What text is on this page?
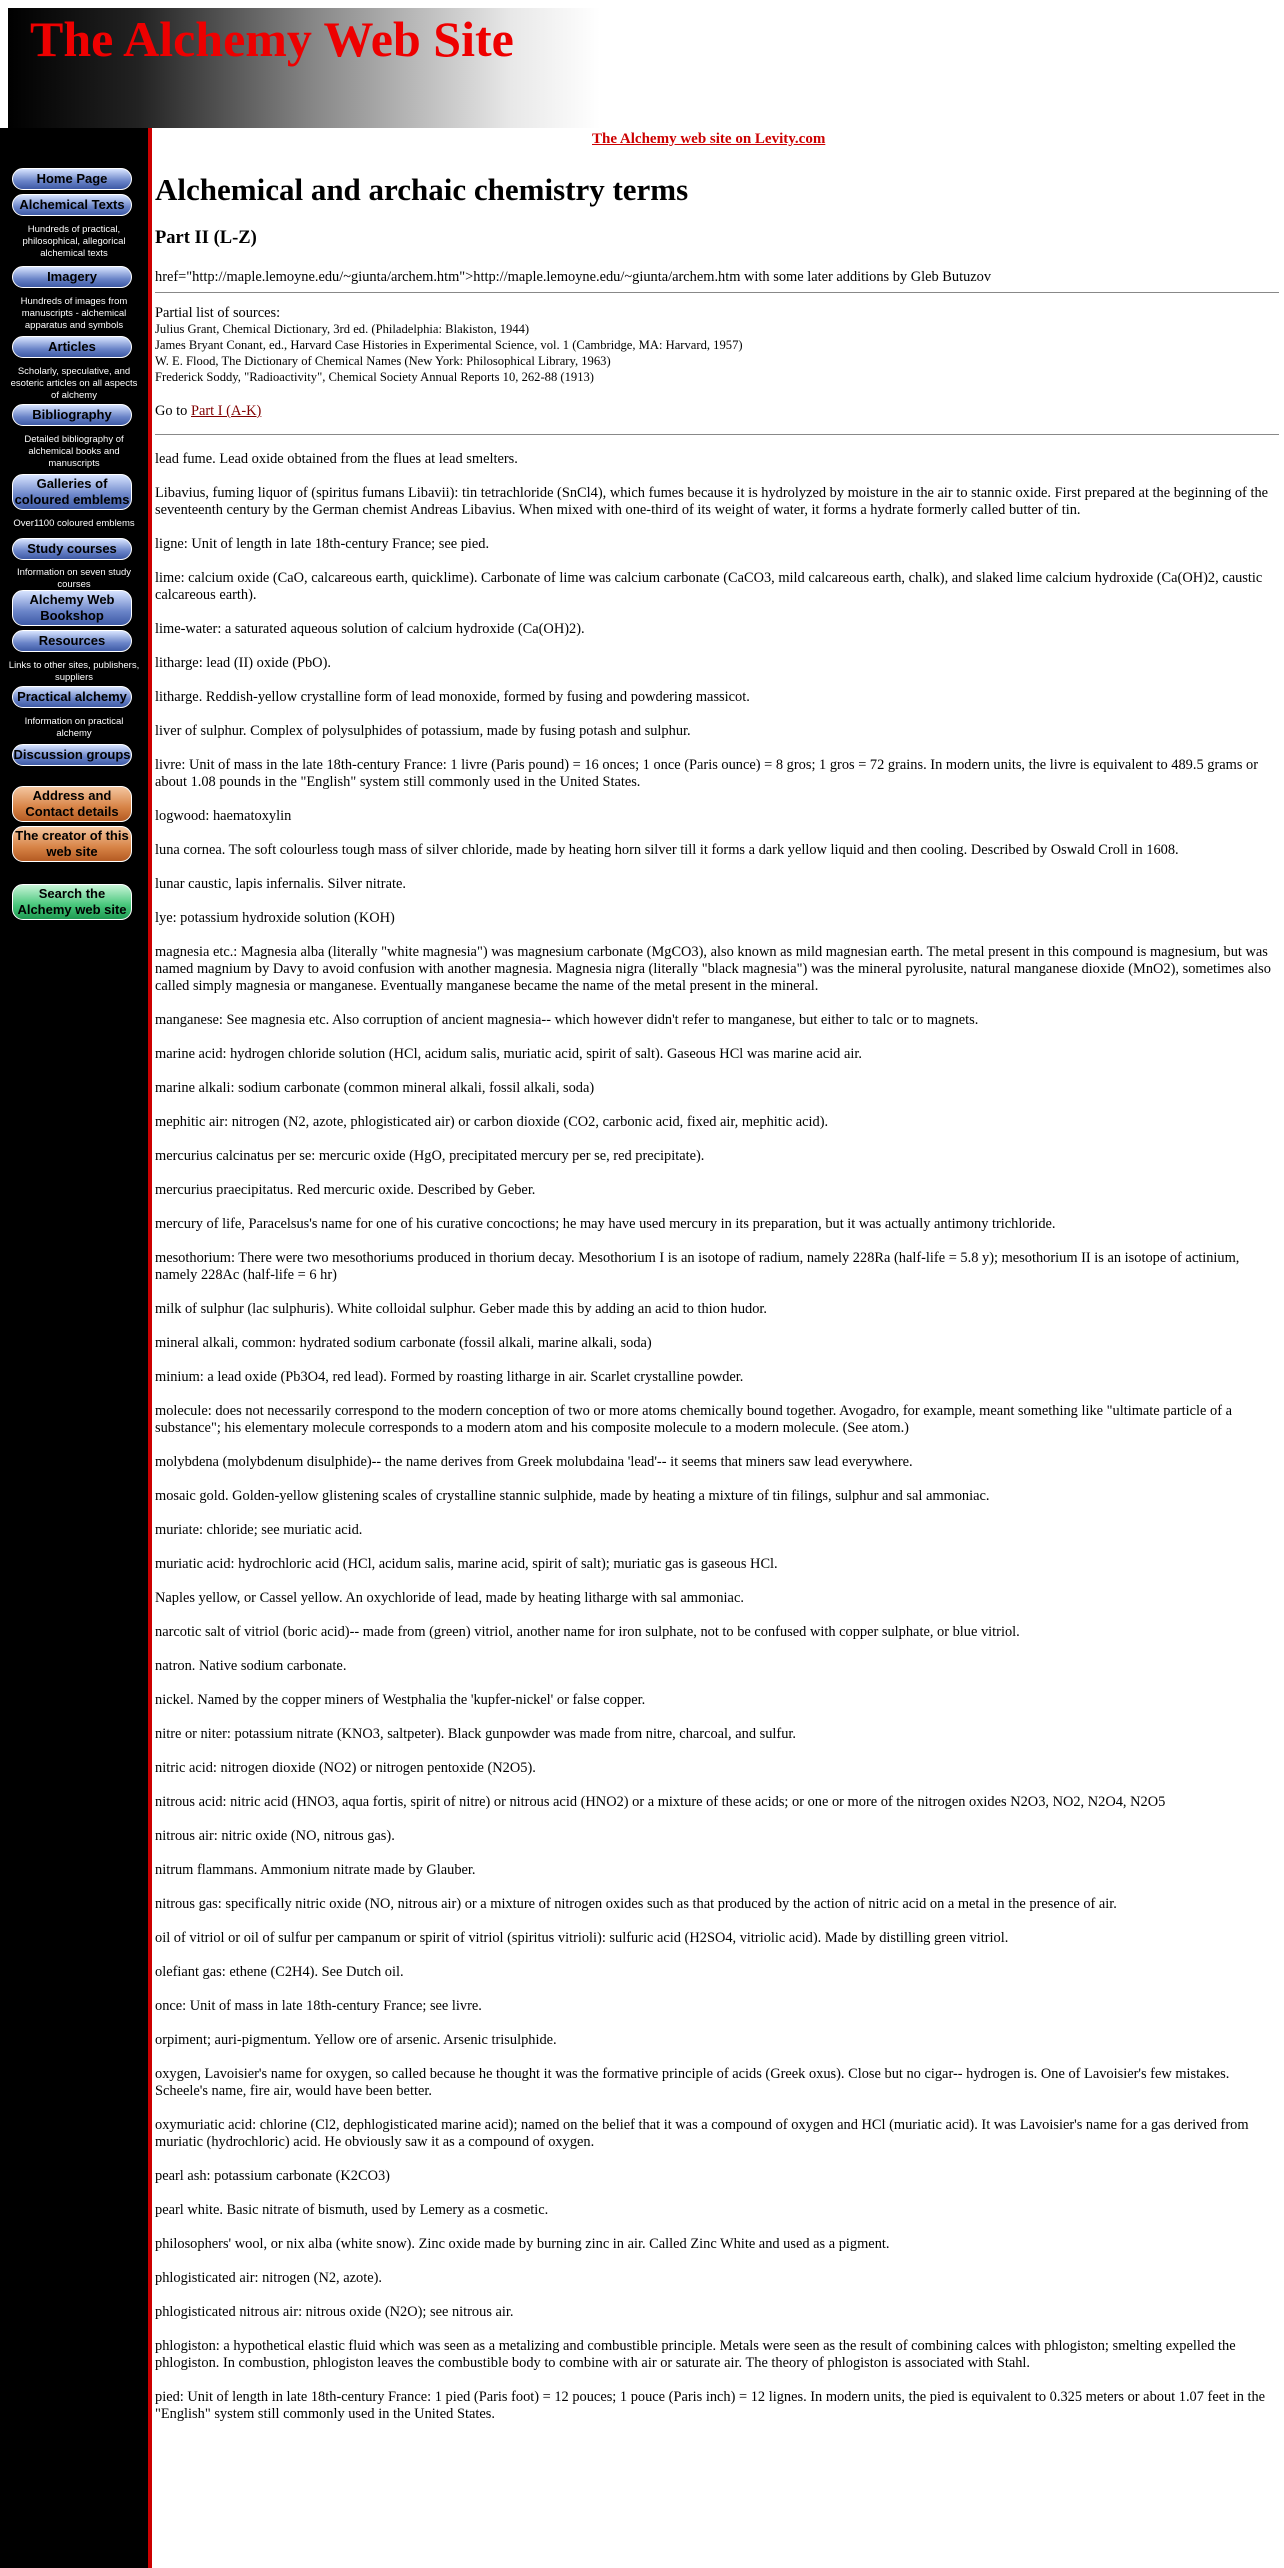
The Alchemy Web Site
Home Page
Alchemical Texts
Hundreds of practical, philosophical, allegorical alchemical texts
Imagery
Hundreds of images from manuscripts - alchemical apparatus and symbols
Articles
Scholarly, speculative, and esoteric articles on all aspects of alchemy
Bibliography
Detailed bibliography of alchemical books and manuscripts
Galleries of coloured emblems
Over1100 coloured emblems
Study courses
Information on seven study courses
Alchemy Web Bookshop
Resources
Links to other sites, publishers, suppliers
Practical alchemy
Information on practical alchemy
Discussion groups
Address and Contact details
The creator of this web site
Search the Alchemy web site
The Alchemy web site on Levity.com
Alchemical and archaic chemistry terms
Part II (L-Z)

href="http://maple.lemoyne.edu/~giunta/archem.htm">http://maple.lemoyne.edu/~giunta/archem.htm with some later additions by Gleb Butuzov

Partial list of sources:
Julius Grant, Chemical Dictionary, 3rd ed. (Philadelphia: Blakiston, 1944)
James Bryant Conant, ed., Harvard Case Histories in Experimental Science, vol. 1 (Cambridge, MA: Harvard, 1957)
W. E. Flood, The Dictionary of Chemical Names (New York: Philosophical Library, 1963)
Frederick Soddy, "Radioactivity", Chemical Society Annual Reports 10, 262-88 (1913)

Go to Part I (A-K)

lead fume. Lead oxide obtained from the flues at lead smelters.

Libavius, fuming liquor of (spiritus fumans Libavii): tin tetrachloride (SnCl4), which fumes because it is hydrolyzed by moisture in the air to stannic oxide. First prepared at the beginning of the seventeenth century by the German chemist Andreas Libavius. When mixed with one-third of its weight of water, it forms a hydrate formerly called butter of tin.

ligne: Unit of length in late 18th-century France; see pied.

lime: calcium oxide (CaO, calcareous earth, quicklime). Carbonate of lime was calcium carbonate (CaCO3, mild calcareous earth, chalk), and slaked lime calcium hydroxide (Ca(OH)2, caustic calcareous earth).

lime-water: a saturated aqueous solution of calcium hydroxide (Ca(OH)2).

litharge: lead (II) oxide (PbO).

litharge. Reddish-yellow crystalline form of lead monoxide, formed by fusing and powdering massicot.

liver of sulphur. Complex of polysulphides of potassium, made by fusing potash and sulphur.

livre: Unit of mass in the late 18th-century France: 1 livre (Paris pound) = 16 onces; 1 once (Paris ounce) = 8 gros; 1 gros = 72 grains. In modern units, the livre is equivalent to 489.5 grams or about 1.08 pounds in the "English" system still commonly used in the United States.

logwood: haematoxylin

luna cornea. The soft colourless tough mass of silver chloride, made by heating horn silver till it forms a dark yellow liquid and then cooling. Described by Oswald Croll in 1608.

lunar caustic, lapis infernalis. Silver nitrate.

lye: potassium hydroxide solution (KOH)

magnesia etc.: Magnesia alba (literally "white magnesia") was magnesium carbonate (MgCO3), also known as mild magnesian earth. The metal present in this compound is magnesium, but was named magnium by Davy to avoid confusion with another magnesia. Magnesia nigra (literally "black magnesia") was the mineral pyrolusite, natural manganese dioxide (MnO2), sometimes also called simply magnesia or manganese. Eventually manganese became the name of the metal present in the mineral.

manganese: See magnesia etc. Also corruption of ancient magnesia-- which however didn't refer to manganese, but either to talc or to magnets.

marine acid: hydrogen chloride solution (HCl, acidum salis, muriatic acid, spirit of salt). Gaseous HCl was marine acid air.

marine alkali: sodium carbonate (common mineral alkali, fossil alkali, soda)

mephitic air: nitrogen (N2, azote, phlogisticated air) or carbon dioxide (CO2, carbonic acid, fixed air, mephitic acid).

mercurius calcinatus per se: mercuric oxide (HgO, precipitated mercury per se, red precipitate).

mercurius praecipitatus. Red mercuric oxide. Described by Geber.

mercury of life, Paracelsus's name for one of his curative concoctions; he may have used mercury in its preparation, but it was actually antimony trichloride.

mesothorium: There were two mesothoriums produced in thorium decay. Mesothorium I is an isotope of radium, namely 228Ra (half-life = 5.8 y); mesothorium II is an isotope of actinium, namely 228Ac (half-life = 6 hr)

milk of sulphur (lac sulphuris). White colloidal sulphur. Geber made this by adding an acid to thion hudor.

mineral alkali, common: hydrated sodium carbonate (fossil alkali, marine alkali, soda)

minium: a lead oxide (Pb3O4, red lead). Formed by roasting litharge in air. Scarlet crystalline powder.

molecule: does not necessarily correspond to the modern conception of two or more atoms chemically bound together. Avogadro, for example, meant something like "ultimate particle of a substance"; his elementary molecule corresponds to a modern atom and his composite molecule to a modern molecule. (See atom.)

molybdena (molybdenum disulphide)-- the name derives from Greek molubdaina 'lead'-- it seems that miners saw lead everywhere.

mosaic gold. Golden-yellow glistening scales of crystalline stannic sulphide, made by heating a mixture of tin filings, sulphur and sal ammoniac.

muriate: chloride; see muriatic acid.

muriatic acid: hydrochloric acid (HCl, acidum salis, marine acid, spirit of salt); muriatic gas is gaseous HCl.

Naples yellow, or Cassel yellow. An oxychloride of lead, made by heating litharge with sal ammoniac.

narcotic salt of vitriol (boric acid)-- made from (green) vitriol, another name for iron sulphate, not to be confused with copper sulphate, or blue vitriol.

natron. Native sodium carbonate.

nickel. Named by the copper miners of Westphalia the 'kupfer-nickel' or false copper.

nitre or niter: potassium nitrate (KNO3, saltpeter). Black gunpowder was made from nitre, charcoal, and sulfur.

nitric acid: nitrogen dioxide (NO2) or nitrogen pentoxide (N2O5).

nitrous acid: nitric acid (HNO3, aqua fortis, spirit of nitre) or nitrous acid (HNO2) or a mixture of these acids; or one or more of the nitrogen oxides N2O3, NO2, N2O4, N2O5

nitrous air: nitric oxide (NO, nitrous gas).

nitrum flammans. Ammonium nitrate made by Glauber.

nitrous gas: specifically nitric oxide (NO, nitrous air) or a mixture of nitrogen oxides such as that produced by the action of nitric acid on a metal in the presence of air.

oil of vitriol or oil of sulfur per campanum or spirit of vitriol (spiritus vitrioli): sulfuric acid (H2SO4, vitriolic acid). Made by distilling green vitriol.

olefiant gas: ethene (C2H4). See Dutch oil.

once: Unit of mass in late 18th-century France; see livre.

orpiment; auri-pigmentum. Yellow ore of arsenic. Arsenic trisulphide.

oxygen, Lavoisier's name for oxygen, so called because he thought it was the formative principle of acids (Greek oxus). Close but no cigar-- hydrogen is. One of Lavoisier's few mistakes. Scheele's name, fire air, would have been better.

oxymuriatic acid: chlorine (Cl2, dephlogisticated marine acid); named on the belief that it was a compound of oxygen and HCl (muriatic acid). It was Lavoisier's name for a gas derived from muriatic (hydrochloric) acid. He obviously saw it as a compound of oxygen.

pearl ash: potassium carbonate (K2CO3)

pearl white. Basic nitrate of bismuth, used by Lemery as a cosmetic.

philosophers' wool, or nix alba (white snow). Zinc oxide made by burning zinc in air. Called Zinc White and used as a pigment.

phlogisticated air: nitrogen (N2, azote).

phlogisticated nitrous air: nitrous oxide (N2O); see nitrous air.

phlogiston: a hypothetical elastic fluid which was seen as a metalizing and combustible principle. Metals were seen as the result of combining calces with phlogiston; smelting expelled the phlogiston. In combustion, phlogiston leaves the combustible body to combine with air or saturate air. The theory of phlogiston is associated with Stahl.

pied: Unit of length in late 18th-century France: 1 pied (Paris foot) = 12 pouces; 1 pouce (Paris inch) = 12 lignes. In modern units, the pied is equivalent to 0.325 meters or about 1.07 feet in the "English" system still commonly used in the United States.
